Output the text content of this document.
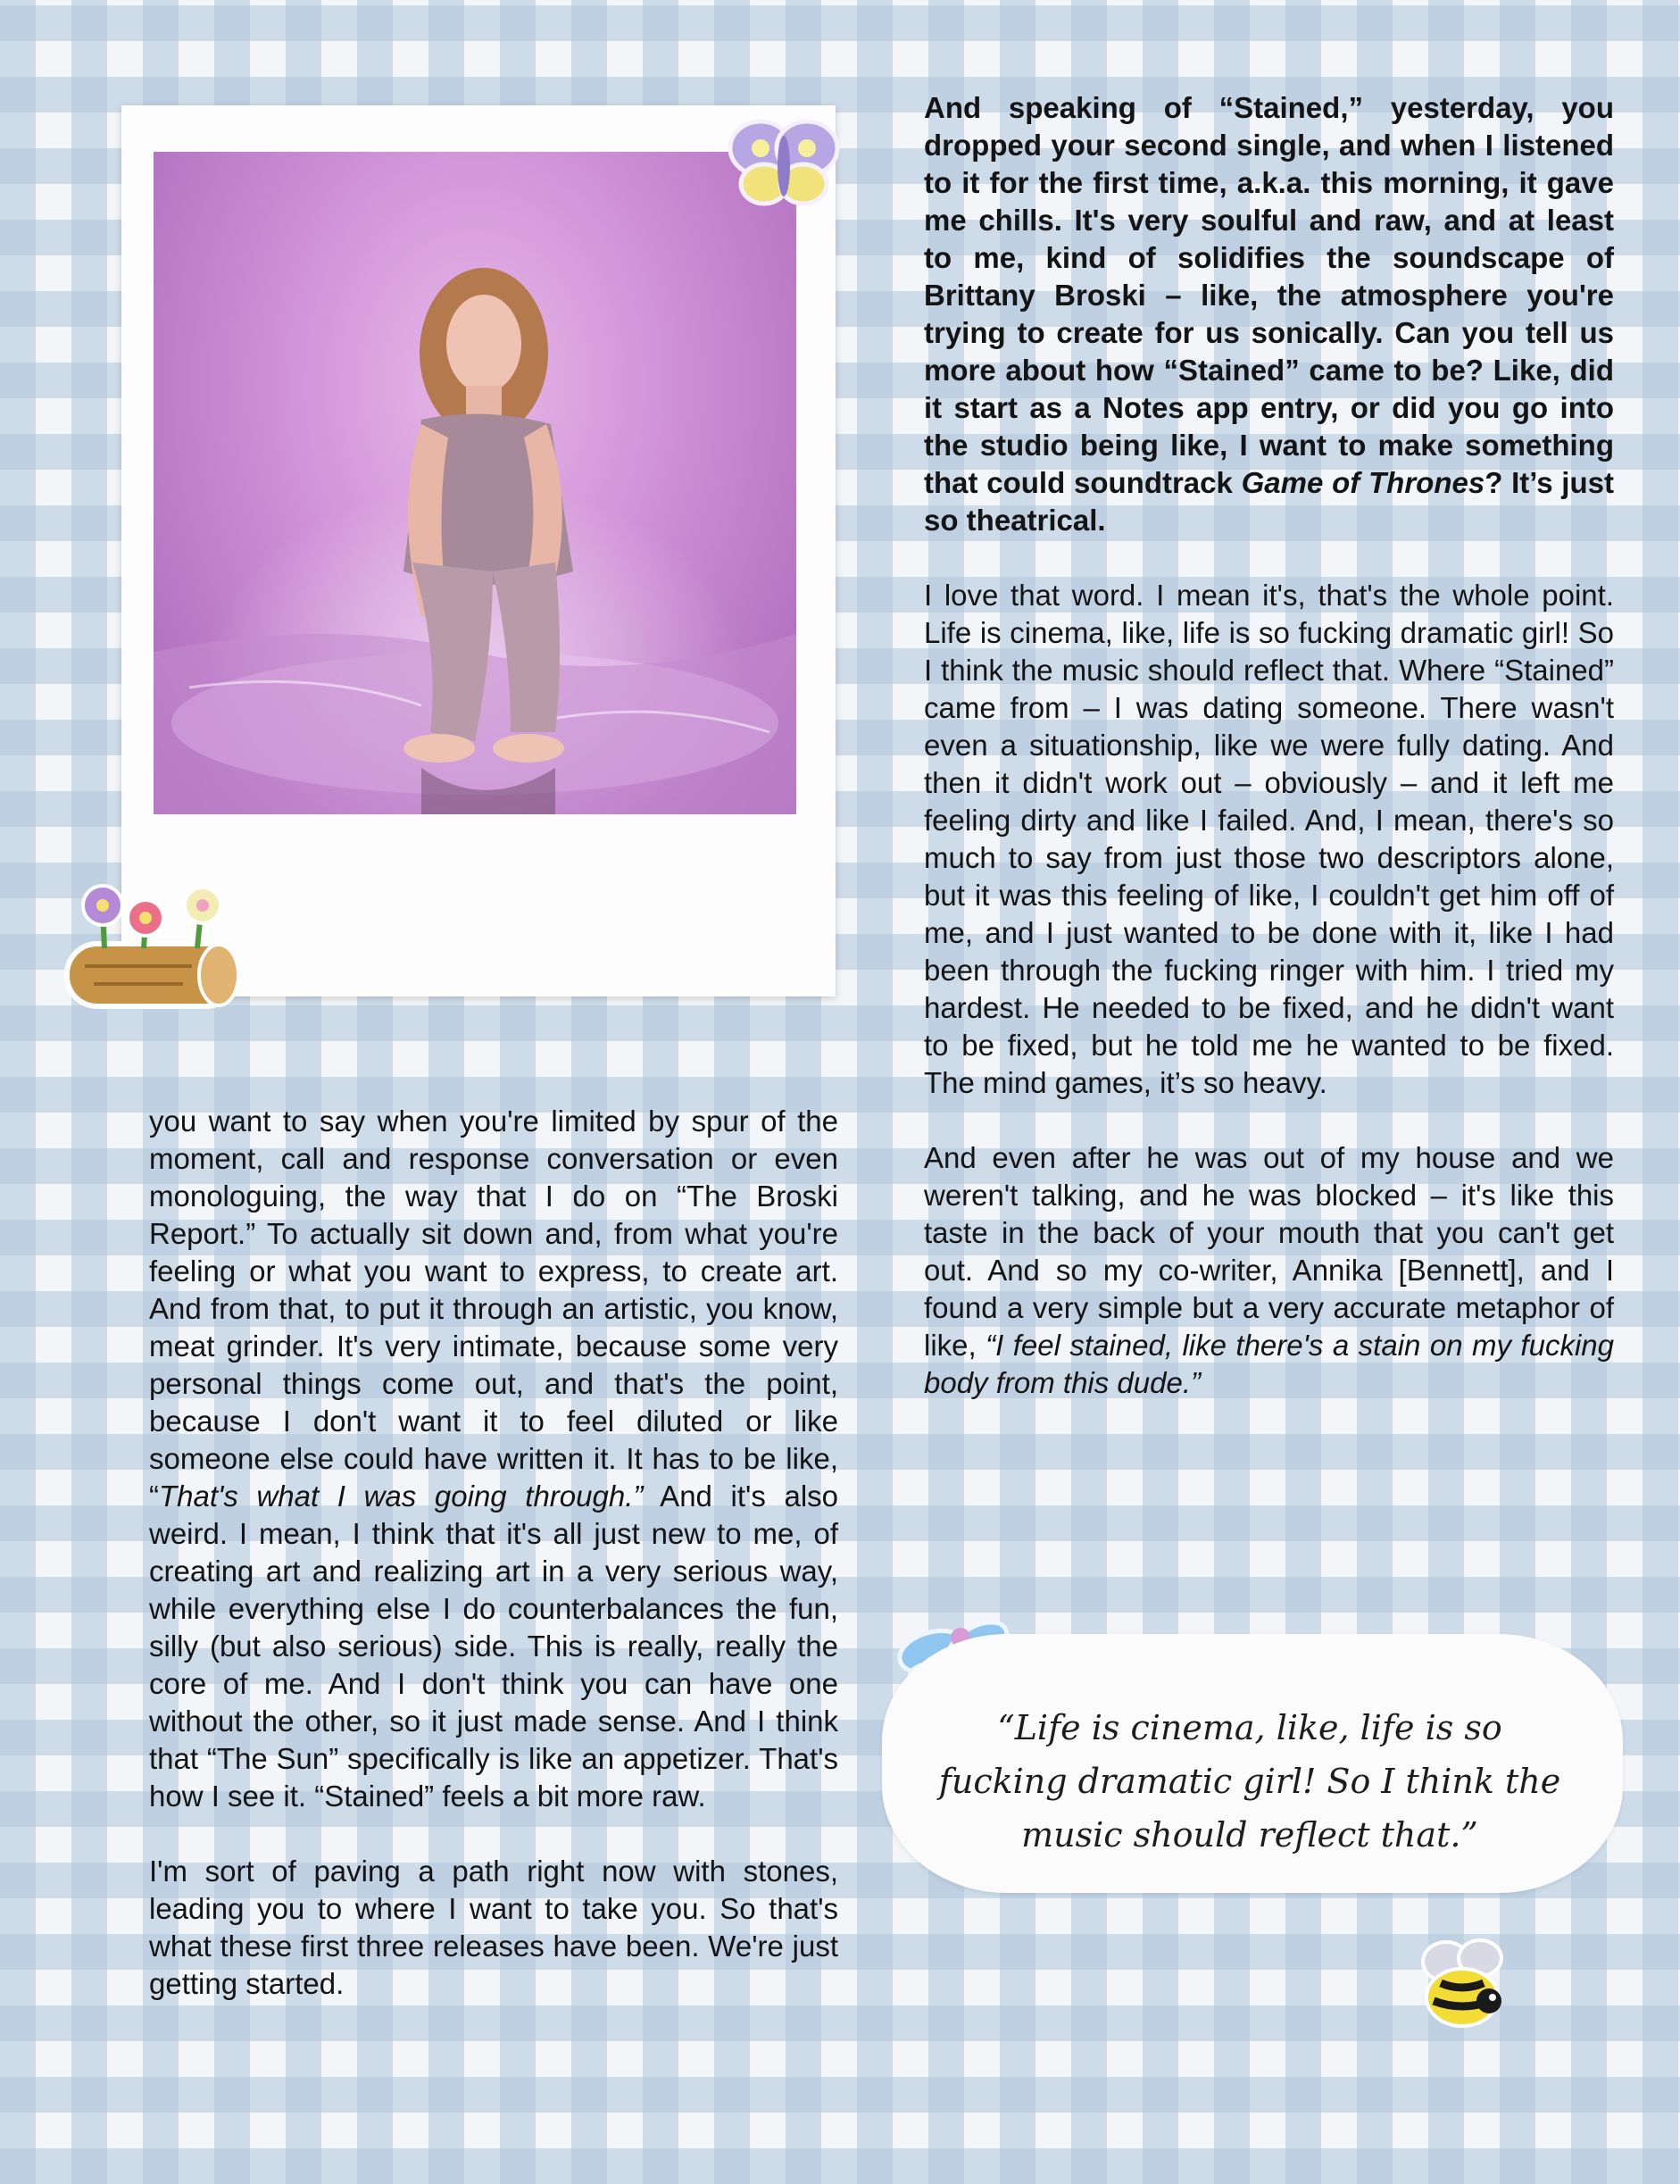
“Life is cinema, like, life is so fucking dramatic girl! So I think the music should reflect that.”

you want to say when you're limited by spur of the moment, call and response conversation or even monologuing, the way that I do on “The Broski Report.” To actually sit down and, from what you're feeling or what you want to express, to create art. And from that, to put it through an artistic, you know, meat grinder. It's very intimate, because some very personal things come out, and that's the point, because I don't want it to feel diluted or like someone else could have written it. It has to be like, “That's what I was going through.” And it's also weird. I mean, I think that it's all just new to me, of creating art and realizing art in a very serious way, while everything else I do counterbalances the fun, silly (but also serious) side. This is really, really the core of me. And I don't think you can have one without the other, so it just made sense. And I think that “The Sun” specifically is like an appetizer. That's how I see it. “Stained” feels a bit more raw.

I'm sort of paving a path right now with stones, leading you to where I want to take you. So that's what these first three releases have been. We're just getting started.

And speaking of “Stained,” yesterday, you dropped your second single, and when I listened to it for the first time, a.k.a. this morning, it gave me chills. It's very soulful and raw, and at least to me, kind of solidifies the soundscape of Brittany Broski – like, the atmosphere you're trying to create for us sonically. Can you tell us more about how “Stained” came to be? Like, did it start as a Notes app entry, or did you go into the studio being like, I want to make something that could soundtrack Game of Thrones? It’s just so theatrical.

I love that word. I mean it's, that's the whole point. Life is cinema, like, life is so fucking dramatic girl! So I think the music should reflect that. Where “Stained” came from – I was dating someone. There wasn't even a situationship, like we were fully dating. And then it didn't work out – obviously – and it left me feeling dirty and like I failed. And, I mean, there's so much to say from just those two descriptors alone, but it was this feeling of like, I couldn't get him off of me, and I just wanted to be done with it, like I had been through the fucking ringer with him. I tried my hardest. He needed to be fixed, and he didn't want to be fixed, but he told me he wanted to be fixed. The mind games, it’s so heavy.

And even after he was out of my house and we weren't talking, and he was blocked – it's like this taste in the back of your mouth that you can't get out. And so my co-writer, Annika [Bennett], and I found a very simple but a very accurate metaphor of like, “I feel stained, like there's a stain on my fucking body from this dude.”
